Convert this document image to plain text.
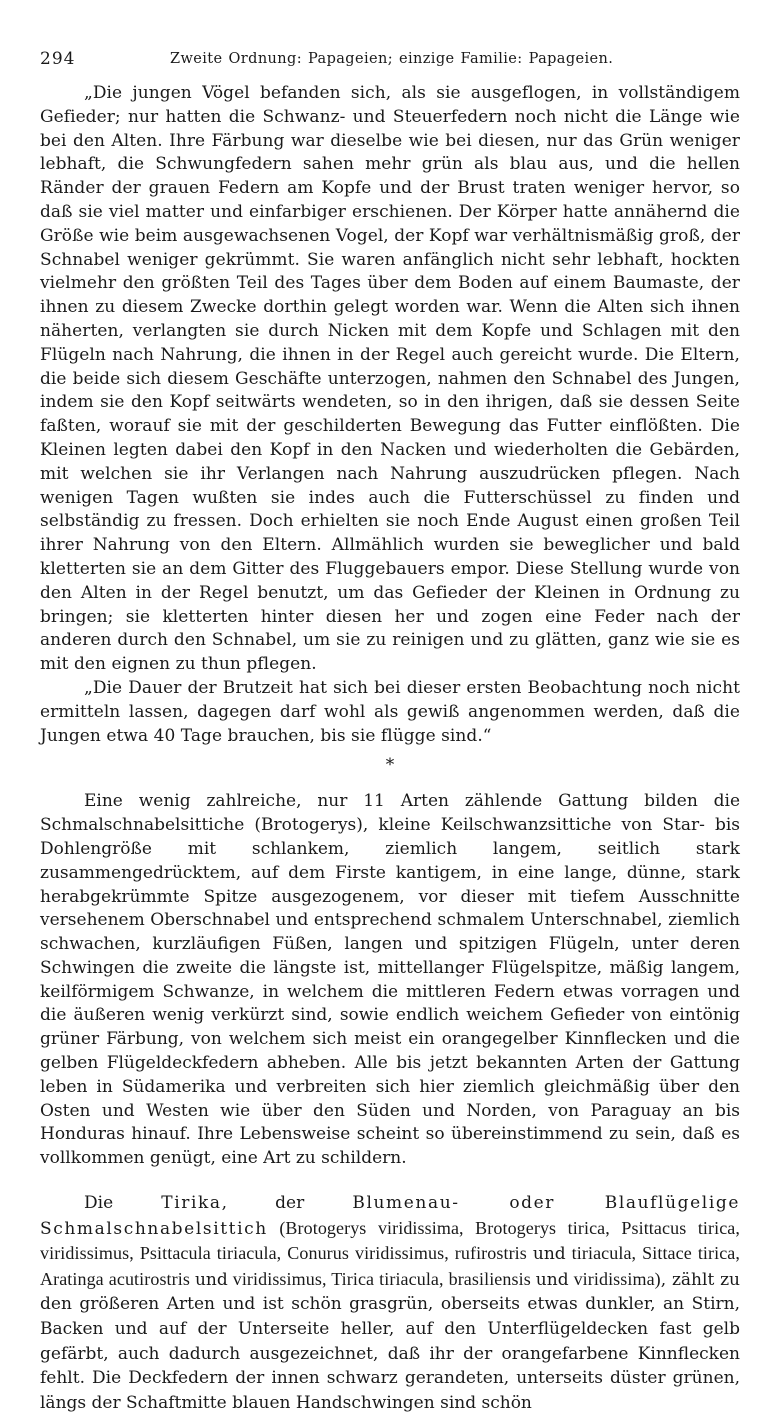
294	Zweite Ordnung: Papageien; einzige Familie: Papageien.

„Die jungen Vögel befanden sich, als sie ausgeflogen, in vollständigem Gefieder; nur hatten die Schwanz- und Steuerfedern noch nicht die Länge wie bei den Alten. Ihre Färbung war dieselbe wie bei diesen, nur das Grün weniger lebhaft, die Schwungfedern sahen mehr grün als blau aus, und die hellen Ränder der grauen Federn am Kopfe und der Brust traten weniger hervor, so daß sie viel matter und einfarbiger erschienen. Der Körper hatte annähernd die Größe wie beim ausgewachsenen Vogel, der Kopf war verhältnismäßig groß, der Schnabel weniger gekrümmt. Sie waren anfänglich nicht sehr lebhaft, hockten vielmehr den größten Teil des Tages über dem Boden auf einem Baumaste, der ihnen zu diesem Zwecke dorthin gelegt worden war. Wenn die Alten sich ihnen näherten, verlangten sie durch Nicken mit dem Kopfe und Schlagen mit den Flügeln nach Nahrung, die ihnen in der Regel auch gereicht wurde. Die Eltern, die beide sich diesem Geschäfte unterzogen, nahmen den Schnabel des Jungen, indem sie den Kopf seitwärts wendeten, so in den ihrigen, daß sie dessen Seite faßten, worauf sie mit der geschilderten Bewegung das Futter einflößten. Die Kleinen legten dabei den Kopf in den Nacken und wiederholten die Gebärden, mit welchen sie ihr Verlangen nach Nahrung auszudrücken pflegen. Nach wenigen Tagen wußten sie indes auch die Futterschüssel zu finden und selbständig zu fressen. Doch erhielten sie noch Ende August einen großen Teil ihrer Nahrung von den Eltern. Allmählich wurden sie beweglicher und bald kletterten sie an dem Gitter des Fluggebauers empor. Diese Stellung wurde von den Alten in der Regel benutzt, um das Gefieder der Kleinen in Ordnung zu bringen; sie kletterten hinter diesen her und zogen eine Feder nach der anderen durch den Schnabel, um sie zu reinigen und zu glätten, ganz wie sie es mit den eignen zu thun pflegen.

„Die Dauer der Brutzeit hat sich bei dieser ersten Beobachtung noch nicht ermitteln lassen, dagegen darf wohl als gewiß angenommen werden, daß die Jungen etwa 40 Tage brauchen, bis sie flügge sind.“

*

Eine wenig zahlreiche, nur 11 Arten zählende Gattung bilden die Schmalschnabelsittiche (Brotogerys), kleine Keilschwanzsittiche von Star- bis Dohlengröße mit schlankem, ziemlich langem, seitlich stark zusammengedrücktem, auf dem Firste kantigem, in eine lange, dünne, stark herabgekrümmte Spitze ausgezogenem, vor dieser mit tiefem Ausschnitte versehenem Oberschnabel und entsprechend schmalem Unterschnabel, ziemlich schwachen, kurzläufigen Füßen, langen und spitzigen Flügeln, unter deren Schwingen die zweite die längste ist, mittellanger Flügelspitze, mäßig langem, keilförmigem Schwanze, in welchem die mittleren Federn etwas vorragen und die äußeren wenig verkürzt sind, sowie endlich weichem Gefieder von eintönig grüner Färbung, von welchem sich meist ein orangegelber Kinnflecken und die gelben Flügeldeckfedern abheben. Alle bis jetzt bekannten Arten der Gattung leben in Südamerika und verbreiten sich hier ziemlich gleichmäßig über den Osten und Westen wie über den Süden und Norden, von Paraguay an bis Honduras hinauf. Ihre Lebensweise scheint so übereinstimmend zu sein, daß es vollkommen genügt, eine Art zu schildern.

Die Tirika, der Blumenau- oder Blauflügelige Schmalschnabelsittich (Brotogerys viridissima, Brotogerys tirica, Psittacus tirica, viridissimus, Psittacula tiriacula, Conurus viridissimus, rufirostris und tiriacula, Sittace tirica, Aratinga acutirostris und viridissimus, Tirica tiriacula, brasiliensis und viridissima), zählt zu den größeren Arten und ist schön grasgrün, oberseits etwas dunkler, an Stirn, Backen und auf der Unterseite heller, auf den Unterflügeldecken fast gelb gefärbt, auch dadurch ausgezeichnet, daß ihr der orangefarbene Kinnflecken fehlt. Die Deckfedern der innen schwarz gerandeten, unterseits düster grünen, längs der Schaftmitte blauen Handschwingen sind schön
